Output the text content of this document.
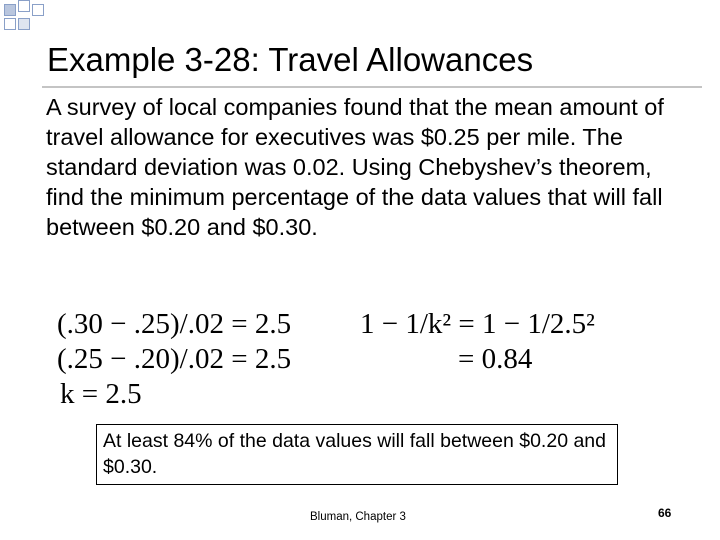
Example 3-28: Travel Allowances
A survey of local companies found that the mean amount of travel allowance for executives was $0.25 per mile. The standard deviation was 0.02. Using Chebyshev’s theorem, find the minimum percentage of the data values that will fall between $0.20 and $0.30.
(.30 − .25)/.02 = 2.5
(.25 − .20)/.02 = 2.5
k = 2.5
1 − 1/k² = 1 − 1/2.5²
= 0.84
At least 84% of the data values will fall between $0.20 and $0.30.
Bluman, Chapter 3	66
